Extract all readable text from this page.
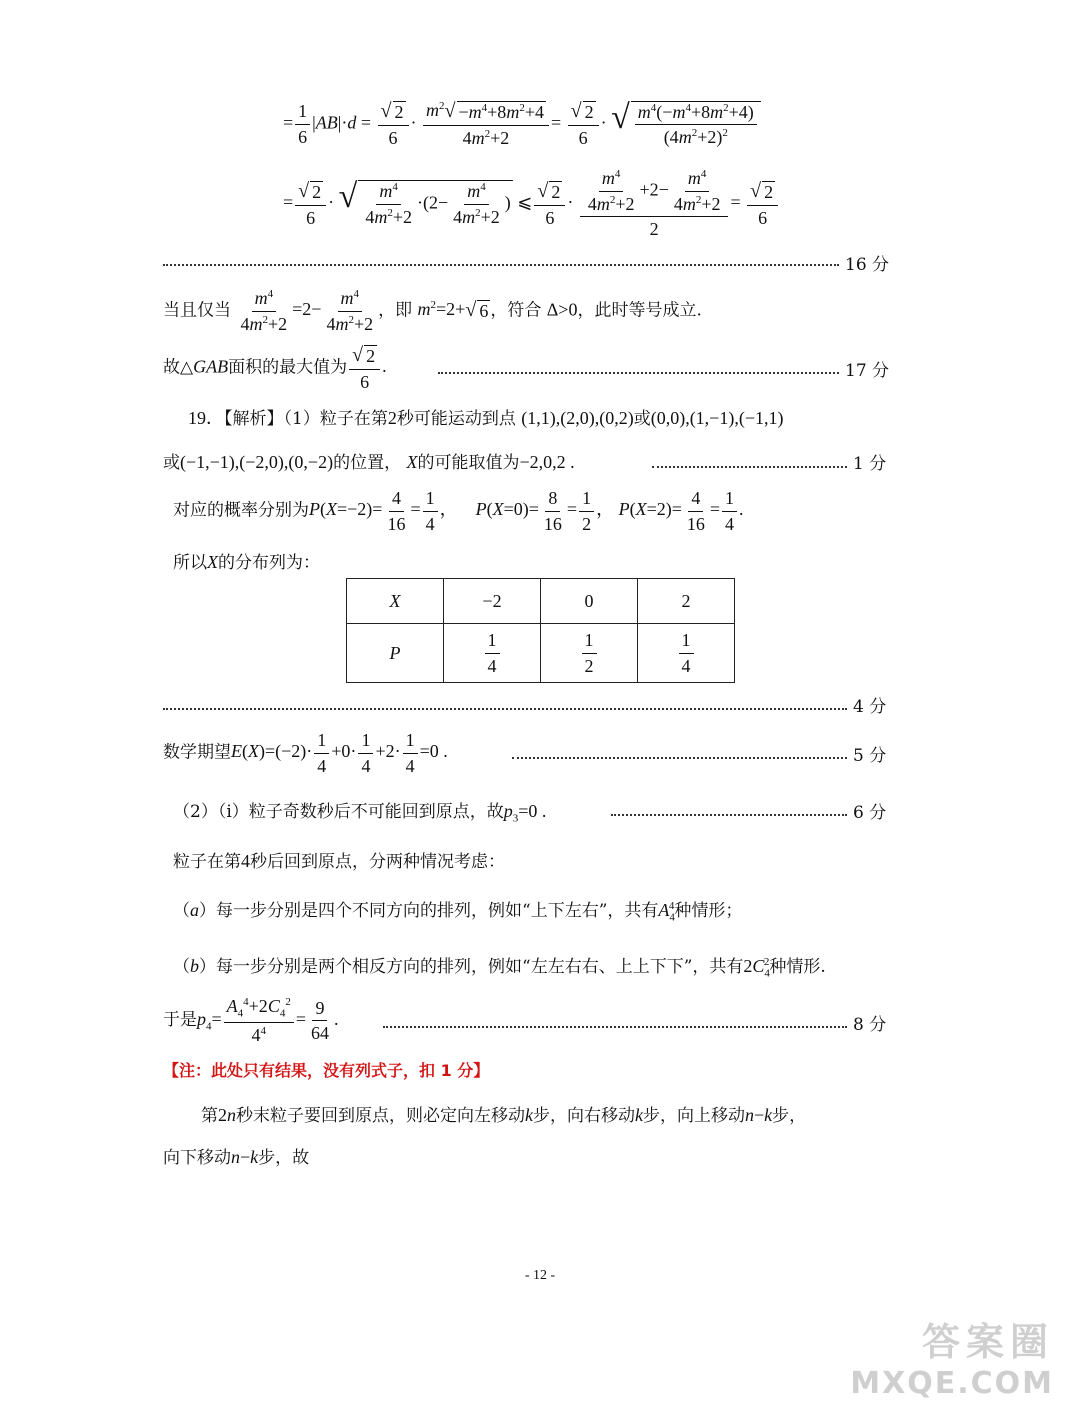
= $\frac{1}{6} |AB|\cdot d = \frac{√ 2}{6} \cdot \frac{m^2 √ -m^4+8m^2+4}{4m^2+2} = \frac{√ 2}{6}$ · √ $\frac{m^4(-m^4+8m^2+4)}{(4m^2+2)^2}$
= $\frac{√ 2}{6}$ · √ $\frac{m^4}{4m^2+2} \cdot(2- \frac{m^4}{4m^2+2}$ ) ⩽ $\frac{√ 2}{6} \cdot \frac{\frac{m^4}{4m^2+2} +2- \frac{m^4}{4m^2+2}}{2} = \frac{√ 2}{6}$
16 分
当且仅当 $\frac{m^4}{4m^2+2} =2- \frac{m^4}{4m^2+2}$ ，即 $m^2=2+$ √ 6 ，符合 Δ>0，此时等号成立.
故△GAB面积的最大值为 $\frac{√ 2}{6}$ .	17 分
19．【解析】（1）粒子在第2秒可能运动到点 (1,1),(2,0),(0,2)或(0,0),(1,−1),(−1,1)
或(−1,−1),(−2,0),(0,−2)的位置， X的可能取值为−2,0,2 .	1 分
对应的概率分别为$P(X=-2)= \frac{4}{16} = \frac{1}{4}$ ，    $P(X=0)= \frac{8}{16} = \frac{1}{2}$ ， $P(X=2)= \frac{4}{16} = \frac{1}{4}$ .
所以X的分布列为：
X	−2	0	2
P	$\frac{1}{4}$	$\frac{1}{2}$	$\frac{1}{4}$
4 分
数学期望$E(X)=(-2)\cdot \frac{1}{4} +0\cdot \frac{1}{4} +2\cdot \frac{1}{4} =0$ .	5 分
（2）（ⅰ）粒子奇数秒后不可能回到原点，故$p_3=0$ .	6 分
粒子在第4秒后回到原点，分两种情况考虑：
（a）每一步分别是四个不同方向的排列，例如“上下左右”，共有$A_4^4$种情形；
（b）每一步分别是两个相反方向的排列，例如“左左右右、上上下下”，共有$2C_4^2$种情形.
于是$p_4= \frac{A_4^4+2C_4^2}{4^4} = \frac{9}{64}$ .	8 分
【注：此处只有结果，没有列式子，扣 1 分】
第2n秒末粒子要回到原点，则必定向左移动k步，向右移动k步，向上移动n−k步，
向下移动n−k步，故
- 12 -
答案圈
MXQE.COM
